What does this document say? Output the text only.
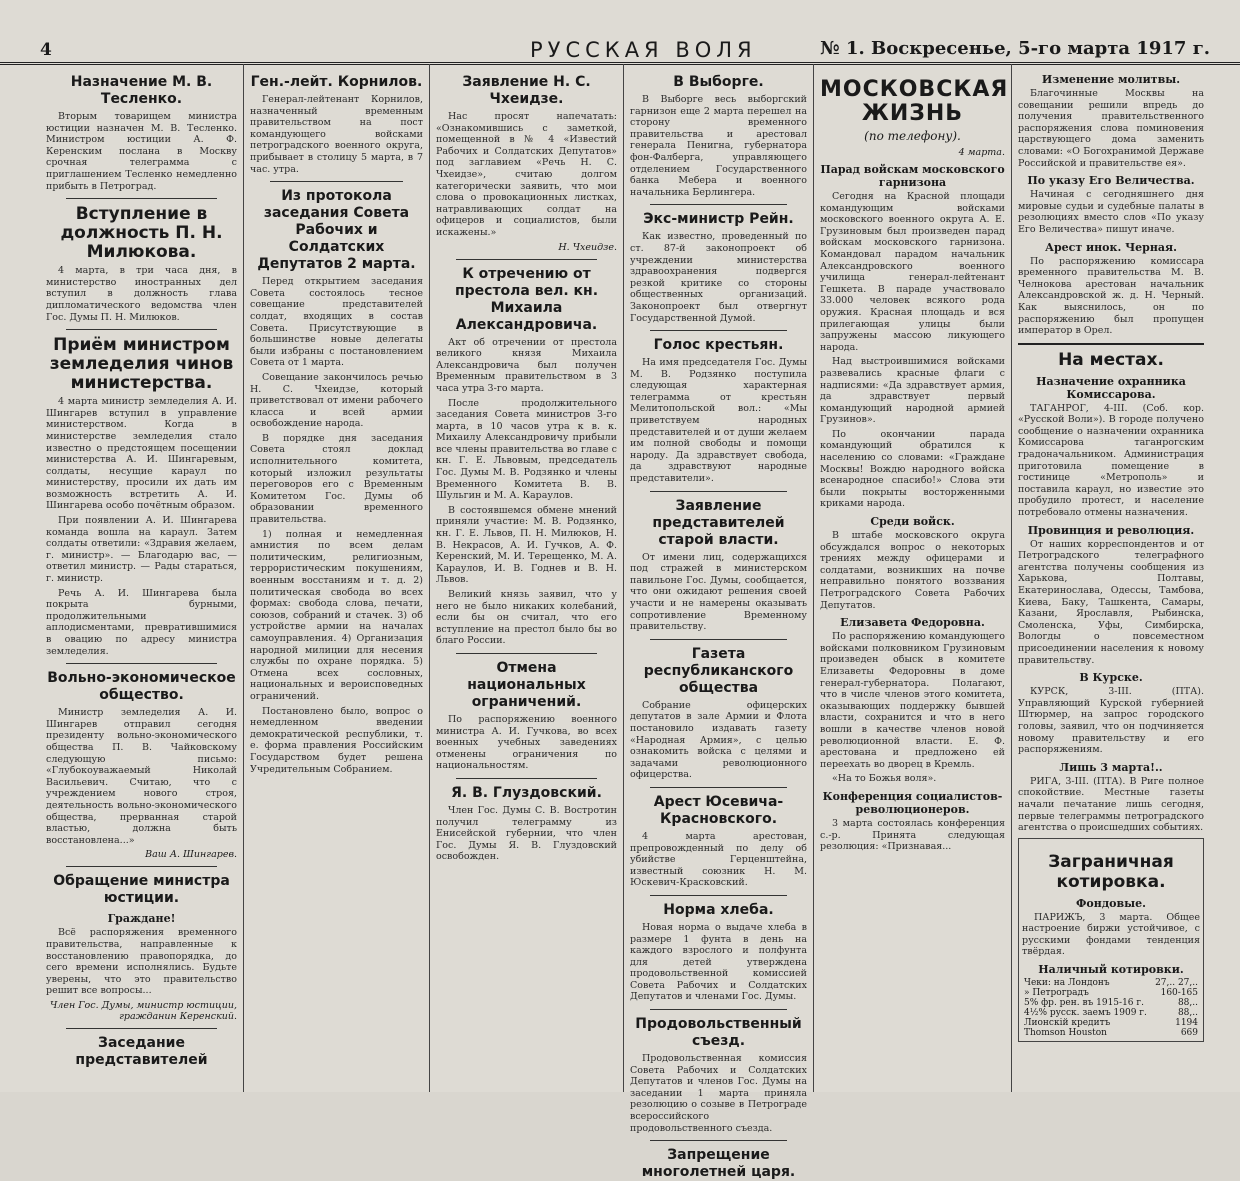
4	РУССКАЯ ВОЛЯ	№ 1. Воскресенье, 5-го марта 1917 г.
Назначение М. В. Тесленко.

Вторым товарищем министра юстиции назначен М. В. Тесленко. Министром юстиции А. Ф. Керенским послана в Москву срочная телеграмма с приглашением Тесленко немедленно прибыть в Петроград.

Вступление в должность П. Н. Милюкова.

4 марта, в три часа дня, в министерство иностранных дел вступил в должность глава дипломатического ведомства член Гос. Думы П. Н. Милюков.

Приём министром земледелия чинов министерства.

4 марта министр земледелия А. И. Шингарев вступил в управление министерством. Когда в министерстве земледелия стало известно о предстоящем посещении министерства А. И. Шингаревым, солдаты, несущие караул по министерству, просили их дать им возможность встретить А. И. Шингарева особо почётным образом.

При появлении А. И. Шингарева команда вошла на караул. Затем солдаты ответили: «Здравия желаем, г. министр». — Благодарю вас, — ответил министр. — Рады стараться, г. министр.

Речь А. И. Шингарева была покрыта бурными, продолжительными аплодисментами, превратившимися в овацию по адресу министра земледелия.

Вольно-экономическое общество.

Министр земледелия А. И. Шингарев отправил сегодня президенту вольно-экономического общества П. В. Чайковскому следующую письмо: «Глубокоуважаемый Николай Васильевич. Считаю, что с учреждением нового строя, деятельность вольно-экономического общества, прерванная старой властью, должна быть восстановлена...»

Ваш А. Шингарев.

Обращение министра юстиции.

Граждане!

Всё распоряжения временного правительства, направленные к восстановлению правопорядка, до сего времени исполнялись. Будьте уверены, что это правительство решит все вопросы...

Член Гос. Думы, министр юстиции, гражданин Керенский.

Заседание представителей
Ген.-лейт. Корнилов.

Генерал-лейтенант Корнилов, назначенный временным правительством на пост командующего войсками петроградского военного округа, прибывает в столицу 5 марта, в 7 час. утра.

Из протокола заседания Совета Рабочих и Солдатских Депутатов 2 марта.

Перед открытием заседания Совета состоялось тесное совещание представителей солдат, входящих в состав Совета. Присутствующие в большинстве новые делегаты были избраны с постановлением Совета от 1 марта.

Совещание закончилось речью Н. С. Чхеидзе, который приветствовал от имени рабочего класса и всей армии освобождение народа.

В порядке дня заседания Совета стоял доклад исполнительного комитета, который изложил результаты переговоров его с Временным Комитетом Гос. Думы об образовании временного правительства.

1) полная и немедленная амнистия по всем делам политическим, религиозным, террористическим покушениям, военным восстаниям и т. д. 2) политическая свобода во всех формах: свобода слова, печати, союзов, собраний и стачек. 3) об устройстве армии на началах самоуправления. 4) Организация народной милиции для несения службы по охране порядка. 5) Отмена всех сословных, национальных и вероисповедных ограничений.

Постановлено было, вопрос о немедленном введении демократической республики, т. е. форма правления Российским Государством будет решена Учредительным Собранием.

Заявление Н. С. Чхеидзе.

Нас просят напечатать: «Ознакомившись с заметкой, помещенной в № 4 «Известий Рабочих и Солдатских Депутатов» под заглавием «Речь Н. С. Чхеидзе», считаю долгом категорически заявить, что мои слова о провокационных листках, натравливающих солдат на офицеров и социалистов, были искажены.»

Н. Чхеидзе.

К отречению от престола вел. кн. Михаила Александровича.

Акт об отречении от престола великого князя Михаила Александровича был получен Временным правительством в 3 часа утра 3-го марта.

После продолжительного заседания Совета министров 3-го марта, в 10 часов утра к в. к. Михаилу Александровичу прибыли все члены правительства во главе с кн. Г. Е. Львовым, председатель Гос. Думы М. В. Родзянко и члены Временного Комитета В. В. Шульгин и М. А. Караулов.

В состоявшемся обмене мнений приняли участие: М. В. Родзянко, кн. Г. Е. Львов, П. Н. Милюков, Н. В. Некрасов, А. И. Гучков, А. Ф. Керенский, М. И. Терещенко, М. А. Караулов, И. В. Годнев и В. Н. Львов.

Великий князь заявил, что у него не было никаких колебаний, если бы он считал, что его вступление на престол было бы во благо России.

Отмена национальных ограничений.

По распоряжению военного министра А. И. Гучкова, во всех военных учебных заведениях отменены ограничения по национальностям.

Я. В. Глуздовский.

Член Гос. Думы С. В. Востротин получил телеграмму из Енисейской губернии, что член Гос. Думы Я. В. Глуздовский освобожден.

В Выборге.

В Выборге весь выборгский гарнизон еще 2 марта перешел на сторону временного правительства и арестовал генерала Пенигна, губернатора фон-Фалберга, управляющего отделением Государственного банка Мебера и военного начальника Берлингера.

Экс-министр Рейн.

Как известно, проведенный по ст. 87-й законопроект об учреждении министерства здравоохранения подвергся резкой критике со стороны общественных организаций. Законопроект был отвергнут Государственной Думой.

Голос крестьян.

На имя председателя Гос. Думы М. В. Родзянко поступила следующая характерная телеграмма от крестьян Мелитопольской вол.: «Мы приветствуем народных представителей и от души желаем им полной свободы и помощи народу. Да здравствует свобода, да здравствуют народные представители».

Заявление представителей старой власти.

От имени лиц, содержащихся под стражей в министерском павильоне Гос. Думы, сообщается, что они ожидают решения своей участи и не намерены оказывать сопротивление Временному правительству.

Газета республиканского общества

Собрание офицерских депутатов в зале Армии и Флота постановило издавать газету «Народная Армия», с целью ознакомить войска с целями и задачами революционного офицерства.

Арест Юсевича-Красновского.

4 марта арестован, препровожденный по делу об убийстве Герценштейна, известный союзник Н. М. Юскевич-Красковский.

Норма хлеба.

Новая норма о выдаче хлеба в размере 1 фунта в день на каждого взрослого и полфунта для детей утверждена продовольственной комиссией Совета Рабочих и Солдатских Депутатов и членами Гос. Думы.

Продовольственный съезд.

Продовольственная комиссия Совета Рабочих и Солдатских Депутатов и членов Гос. Думы на заседании 1 марта приняла резолюцию о созыве в Петрограде всероссийского продовольственного съезда.

Запрещение многолетней царя.
МОСКОВСКАЯ ЖИЗНЬ

(по телефону).

4 марта.

Парад войскам московского гарнизона

Сегодня на Красной площади командующим войсками московского военного округа А. Е. Грузиновым был произведен парад войскам московского гарнизона. Командовал парадом начальник Александровского военного училища генерал-лейтенант Гешкета. В параде участвовало 33.000 человек всякого рода оружия. Красная площадь и вся прилегающая улицы были запружены массою ликующего народа.

Над выстроившимися войсками развевались красные флаги с надписями: «Да здравствует армия, да здравствует первый командующий народной армией Грузинов».

По окончании парада командующий обратился к населению со словами: «Граждане Москвы! Вождю народного войска всенародное спасибо!» Слова эти были покрыты восторженными криками народа.

Среди войск.

В штабе московского округа обсуждался вопрос о некоторых трениях между офицерами и солдатами, возникших на почве неправильно понятого воззвания Петроградского Совета Рабочих Депутатов.

Елизавета Федоровна.

По распоряжению командующего войсками полковником Грузиновым произведен обыск в комитете Елизаветы Федоровны в доме генерал-губернатора. Полагают, что в числе членов этого комитета, оказывающих поддержку бывшей власти, сохранится и что в него вошли в качестве членов новой революционной власти. Е. Ф. арестована и предложено ей переехать во дворец в Кремль.

«На то Божья воля».

Конференция социалистов-революционеров.

3 марта состоялась конференция с.-р. Принята следующая резолюция: «Признавая...

Изменение молитвы.

Благочинные Москвы на совещании решили впредь до получения правительственного распоряжения слова поминовения царствующего дома заменить словами: «О Богохранимой Державе Российской и правительстве ея».

По указу Его Величества.

Начиная с сегодняшнего дня мировые судьи и судебные палаты в резолюциях вместо слов «По указу Его Величества» пишут иначе.

Арест инок. Черная.

По распоряжению комиссара временного правительства М. В. Челнокова арестован начальник Александровской ж. д. Н. Черный. Как выяснилось, он по распоряжению был пропущен император в Орел.

На местах.

Назначение охранника Комиссарова.

ТАГАНРОГ, 4-III. (Соб. кор. «Русской Воли»). В городе получено сообщение о назначении охранника Комиссарова таганрогским градоначальником. Администрация приготовила помещение в гостинице «Метрополь» и поставила караул, но известие это пробудило протест, и население потребовало отмены назначения.

Провинция и революция.

От наших корреспондентов и от Петроградского телеграфного агентства получены сообщения из Харькова, Полтавы, Екатеринослава, Одессы, Тамбова, Киева, Баку, Ташкента, Самары, Казани, Ярославля, Рыбинска, Смоленска, Уфы, Симбирска, Вологды о повсеместном присоединении населения к новому правительству.

В Курске.

КУРСК, 3-III. (ПТА). Управляющий Курской губернией Штюрмер, на запрос городского головы, заявил, что он подчиняется новому правительству и его распоряжениям.

Лишь 3 марта!..

РИГА, 3-III. (ПТА). В Риге полное спокойствие. Местные газеты начали печатание лишь сегодня, первые телеграммы петроградского агентства о происшедших событиях.

Заграничная котировка.

Фондовые.

ПАРИЖЪ, 3 марта. Общее настроение биржи устойчивое, с русскими фондами тенденция твёрдая.

Наличный котировки.

Чеки: на Лондонъ	27,.. 27,..
» Петроградъ	160-165
5% фр. рен. въ 1915-16 г.	88,..
4½% русск. заемъ 1909 г.	88,..
Лионскій кредитъ	1194
Thomson Houston	669
